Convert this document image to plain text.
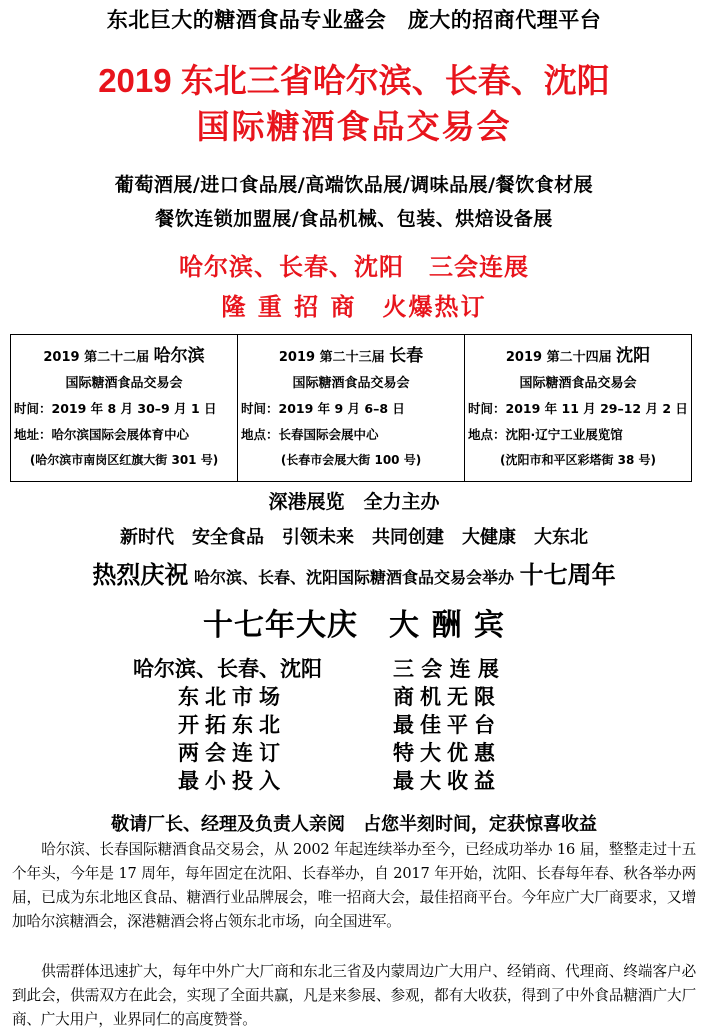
东北巨大的糖酒食品专业盛会　庞大的招商代理平台
2019 东北三省哈尔滨、长春、沈阳
国际糖酒食品交易会
葡萄酒展/进口食品展/高端饮品展/调味品展/餐饮食材展
餐饮连锁加盟展/食品机械、包装、烘焙设备展
哈尔滨、长春、沈阳　三会连展
隆 重 招 商　火爆热订
2019 第二十二届 哈尔滨
国际糖酒食品交易会
时间：2019 年 8 月 30–9 月 1 日
地址：哈尔滨国际会展体育中心
(哈尔滨市南岗区红旗大街 301 号)
2019 第二十三届 长春
国际糖酒食品交易会
时间：2019 年 9 月 6–8 日
地点：长春国际会展中心
(长春市会展大街 100 号)
2019 第二十四届 沈阳
国际糖酒食品交易会
时间：2019 年 11 月 29–12 月 2 日
地点：沈阳·辽宁工业展览馆
(沈阳市和平区彩塔街 38 号)
深港展览　全力主办
新时代　安全食品　引领未来　共同创建　大健康　大东北
热烈庆祝 哈尔滨、长春、沈阳国际糖酒食品交易会举办 十七周年
十七年大庆　大 酬 宾
哈尔滨、长春、沈阳	三 会 连 展
东北市场	商机无限
开拓东北	最佳平台
两会连订	特大优惠
最小投入	最大收益
敬请厂长、经理及负责人亲阅　占您半刻时间，定获惊喜收益
哈尔滨、长春国际糖酒食品交易会，从 2002 年起连续举办至今，已经成功举办 16 届，整整走过十五个年头，今年是 17 周年，每年固定在沈阳、长春举办，自 2017 年开始，沈阳、长春每年春、秋各举办两届，已成为东北地区食品、糖酒行业品牌展会，唯一招商大会，最佳招商平台。今年应广大厂商要求，又增加哈尔滨糖酒会，深港糖酒会将占领东北市场，向全国进军。
供需群体迅速扩大，每年中外广大厂商和东北三省及内蒙周边广大用户、经销商、代理商、终端客户必到此会，供需双方在此会，实现了全面共赢，凡是来参展、参观，都有大收获，得到了中外食品糖酒广大厂商、广大用户，业界同仁的高度赞誉。
